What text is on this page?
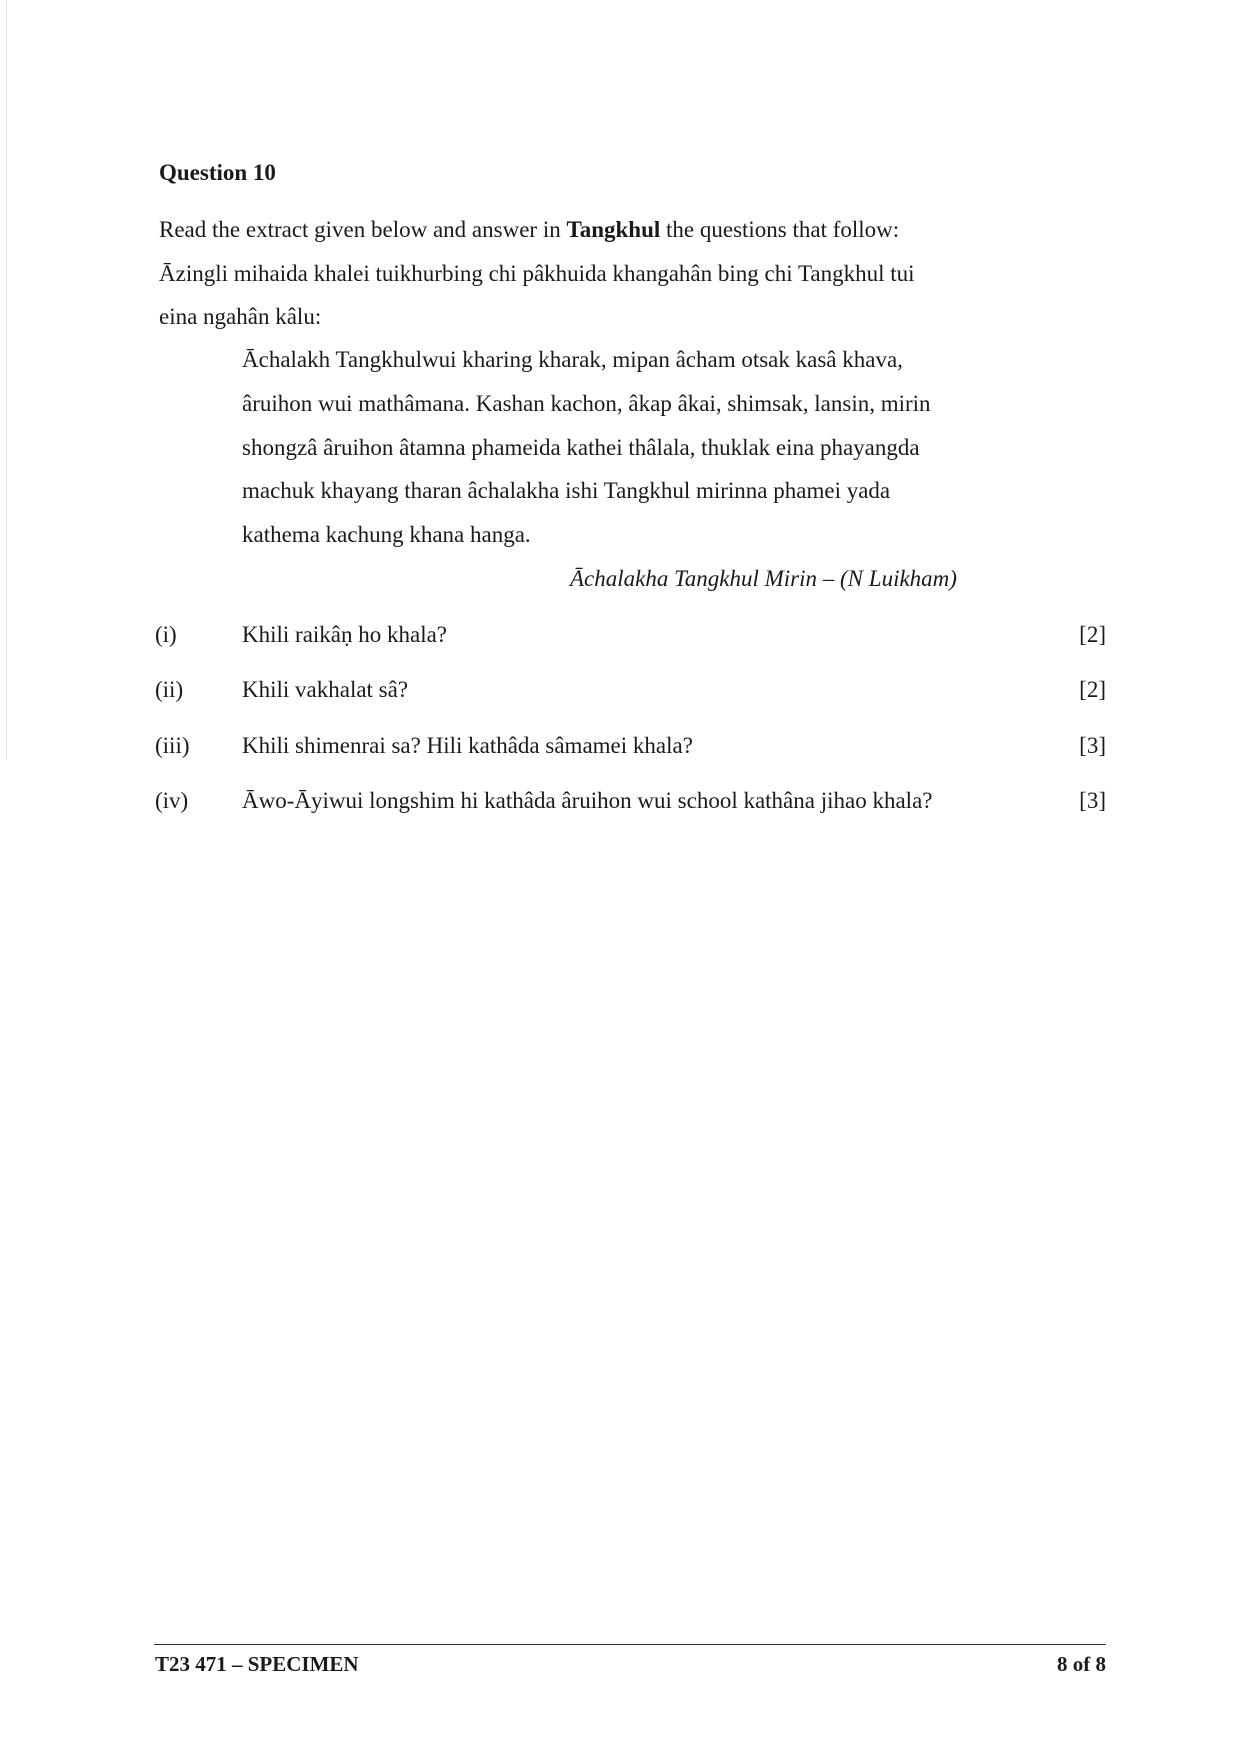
Question 10
Read the extract given below and answer in Tangkhul the questions that follow:
Āzingli mihaida khalei tuikhurbing chi pâkhuida khangahân bing chi Tangkhul tui
eina ngahân kâlu:
Āchalakh Tangkhulwui kharing kharak, mipan âcham otsak kasâ khava,
âruihon wui mathâmana. Kashan kachon, âkap âkai, shimsak, lansin, mirin
shongzâ âruihon âtamna phameida kathei thâlala, thuklak eina phayangda
machuk khayang tharan âchalakha ishi Tangkhul mirinna phamei yada
kathema kachung khana hanga.
Āchalakha Tangkhul Mirin – (N Luikham)
(i)	Khili raikâṇ ho khala?	[2]
(ii)	Khili vakhalat sâ?	[2]
(iii) Khili shimenrai sa? Hili kathâda sâmamei khala?	[3]
(iv) Āwo-Āyiwui longshim hi kathâda âruihon wui school kathâna jihao khala?	[3]
T23 471 – SPECIMEN	8 of 8
